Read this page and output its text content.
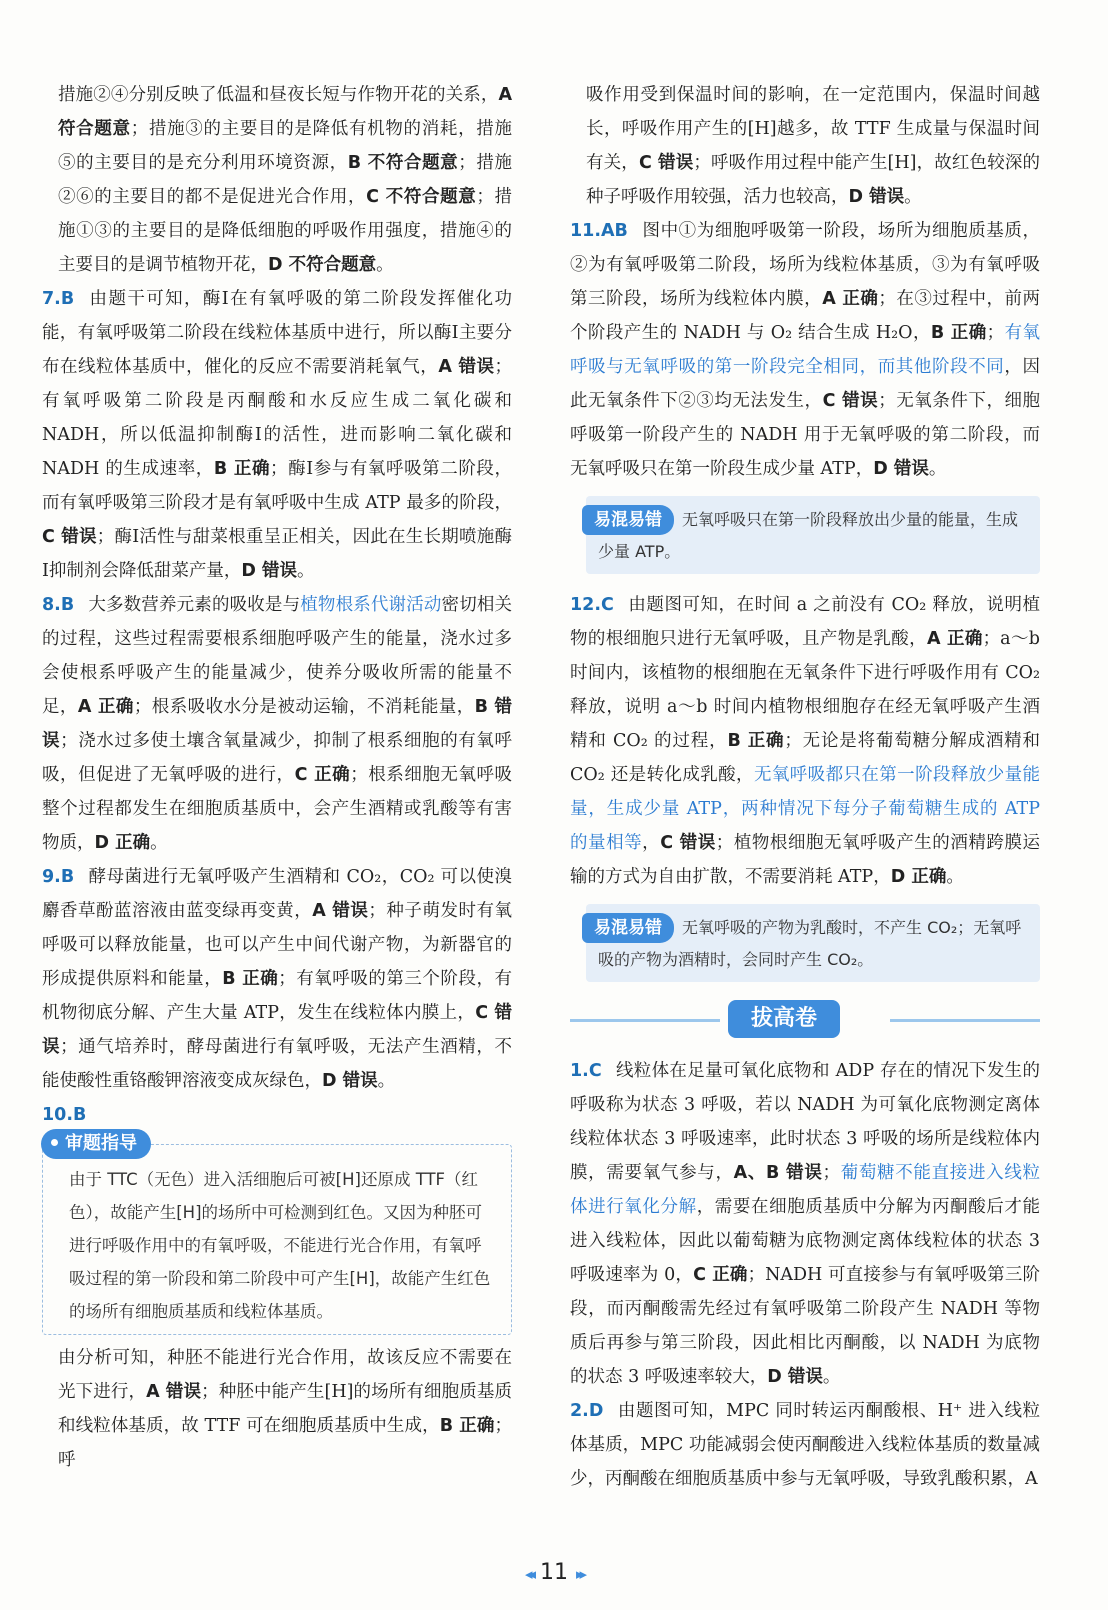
措施②④分别反映了低温和昼夜长短与作物开花的关系，A 符合题意；措施③的主要目的是降低有机物的消耗，措施⑤的主要目的是充分利用环境资源，B 不符合题意；措施②⑥的主要目的都不是促进光合作用，C 不符合题意；措施①③的主要目的是降低细胞的呼吸作用强度，措施④的主要目的是调节植物开花，D 不符合题意。

7.B 由题干可知，酶Ⅰ在有氧呼吸的第二阶段发挥催化功能，有氧呼吸第二阶段在线粒体基质中进行，所以酶Ⅰ主要分布在线粒体基质中，催化的反应不需要消耗氧气，A 错误；有氧呼吸第二阶段是丙酮酸和水反应生成二氧化碳和 NADH，所以低温抑制酶Ⅰ的活性，进而影响二氧化碳和 NADH 的生成速率，B 正确；酶Ⅰ参与有氧呼吸第二阶段，而有氧呼吸第三阶段才是有氧呼吸中生成 ATP 最多的阶段，C 错误；酶Ⅰ活性与甜菜根重呈正相关，因此在生长期喷施酶Ⅰ抑制剂会降低甜菜产量，D 错误。

8.B 大多数营养元素的吸收是与植物根系代谢活动密切相关的过程，这些过程需要根系细胞呼吸产生的能量，浇水过多会使根系呼吸产生的能量减少，使养分吸收所需的能量不足，A 正确；根系吸收水分是被动运输，不消耗能量，B 错误；浇水过多使土壤含氧量减少，抑制了根系细胞的有氧呼吸，但促进了无氧呼吸的进行，C 正确；根系细胞无氧呼吸整个过程都发生在细胞质基质中，会产生酒精或乳酸等有害物质，D 正确。

9.B 酵母菌进行无氧呼吸产生酒精和 CO₂，CO₂ 可以使溴麝香草酚蓝溶液由蓝变绿再变黄，A 错误；种子萌发时有氧呼吸可以释放能量，也可以产生中间代谢产物，为新器官的形成提供原料和能量，B 正确；有氧呼吸的第三个阶段，有机物彻底分解、产生大量 ATP，发生在线粒体内膜上，C 错误；通气培养时，酵母菌进行有氧呼吸，无法产生酒精，不能使酸性重铬酸钾溶液变成灰绿色，D 错误。

10.B

审题指导
由于 TTC（无色）进入活细胞后可被[H]还原成 TTF（红色），故能产生[H]的场所中可检测到红色。又因为种胚可进行呼吸作用中的有氧呼吸，不能进行光合作用，有氧呼吸过程的第一阶段和第二阶段中可产生[H]，故能产生红色的场所有细胞质基质和线粒体基质。

由分析可知，种胚不能进行光合作用，故该反应不需要在光下进行，A 错误；种胚中能产生[H]的场所有细胞质基质和线粒体基质，故 TTF 可在细胞质基质中生成，B 正确；呼

吸作用受到保温时间的影响，在一定范围内，保温时间越长，呼吸作用产生的[H]越多，故 TTF 生成量与保温时间有关，C 错误；呼吸作用过程中能产生[H]，故红色较深的种子呼吸作用较强，活力也较高，D 错误。

11.AB 图中①为细胞呼吸第一阶段，场所为细胞质基质，②为有氧呼吸第二阶段，场所为线粒体基质，③为有氧呼吸第三阶段，场所为线粒体内膜，A 正确；在③过程中，前两个阶段产生的 NADH 与 O₂ 结合生成 H₂O，B 正确；有氧呼吸与无氧呼吸的第一阶段完全相同，而其他阶段不同，因此无氧条件下②③均无法发生，C 错误；无氧条件下，细胞呼吸第一阶段产生的 NADH 用于无氧呼吸的第二阶段，而无氧呼吸只在第一阶段生成少量 ATP，D 错误。

易混易错 无氧呼吸只在第一阶段释放出少量的能量，生成少量 ATP。

12.C 由题图可知，在时间 a 之前没有 CO₂ 释放，说明植物的根细胞只进行无氧呼吸，且产物是乳酸，A 正确；a～b 时间内，该植物的根细胞在无氧条件下进行呼吸作用有 CO₂ 释放，说明 a～b 时间内植物根细胞存在经无氧呼吸产生酒精和 CO₂ 的过程，B 正确；无论是将葡萄糖分解成酒精和 CO₂ 还是转化成乳酸，无氧呼吸都只在第一阶段释放少量能量，生成少量 ATP，两种情况下每分子葡萄糖生成的 ATP 的量相等，C 错误；植物根细胞无氧呼吸产生的酒精跨膜运输的方式为自由扩散，不需要消耗 ATP，D 正确。

易混易错 无氧呼吸的产物为乳酸时，不产生 CO₂；无氧呼吸的产物为酒精时，会同时产生 CO₂。
拔高卷

1.C 线粒体在足量可氧化底物和 ADP 存在的情况下发生的呼吸称为状态 3 呼吸，若以 NADH 为可氧化底物测定离体线粒体状态 3 呼吸速率，此时状态 3 呼吸的场所是线粒体内膜，需要氧气参与，A、B 错误；葡萄糖不能直接进入线粒体进行氧化分解，需要在细胞质基质中分解为丙酮酸后才能进入线粒体，因此以葡萄糖为底物测定离体线粒体的状态 3 呼吸速率为 0，C 正确；NADH 可直接参与有氧呼吸第三阶段，而丙酮酸需先经过有氧呼吸第二阶段产生 NADH 等物质后再参与第三阶段，因此相比丙酮酸，以 NADH 为底物的状态 3 呼吸速率较大，D 错误。

2.D 由题图可知，MPC 同时转运丙酮酸根、H⁺ 进入线粒体基质，MPC 功能减弱会使丙酮酸进入线粒体基质的数量减少，丙酮酸在细胞质基质中参与无氧呼吸，导致乳酸积累，A

◂◂ 11 ▸▸
